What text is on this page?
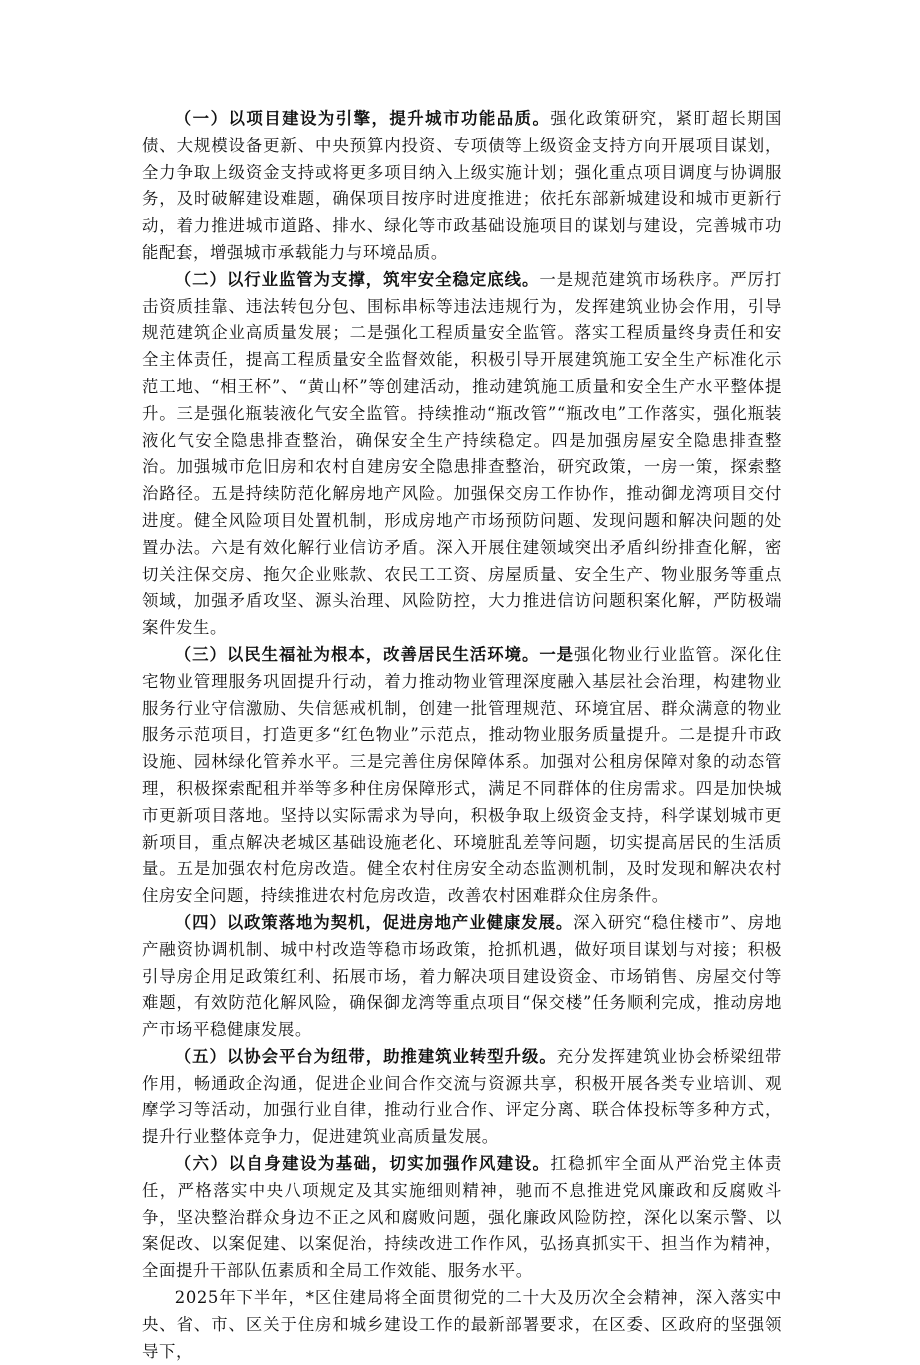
（一）以项目建设为引擎，提升城市功能品质。强化政策研究，紧盯超长期国债、大规模设备更新、中央预算内投资、专项债等上级资金支持方向开展项目谋划，全力争取上级资金支持或将更多项目纳入上级实施计划；强化重点项目调度与协调服务，及时破解建设难题，确保项目按序时进度推进；依托东部新城建设和城市更新行动，着力推进城市道路、排水、绿化等市政基础设施项目的谋划与建设，完善城市功能配套，增强城市承载能力与环境品质。

（二）以行业监管为支撑，筑牢安全稳定底线。一是规范建筑市场秩序。严厉打击资质挂靠、违法转包分包、围标串标等违法违规行为，发挥建筑业协会作用，引导规范建筑企业高质量发展；二是强化工程质量安全监管。落实工程质量终身责任和安全主体责任，提高工程质量安全监督效能，积极引导开展建筑施工安全生产标准化示范工地、“相王杯”、“黄山杯”等创建活动，推动建筑施工质量和安全生产水平整体提升。三是强化瓶装液化气安全监管。持续推动“瓶改管”“瓶改电”工作落实，强化瓶装液化气安全隐患排查整治，确保安全生产持续稳定。四是加强房屋安全隐患排查整治。加强城市危旧房和农村自建房安全隐患排查整治，研究政策，一房一策，探索整治路径。五是持续防范化解房地产风险。加强保交房工作协作，推动御龙湾项目交付进度。健全风险项目处置机制，形成房地产市场预防问题、发现问题和解决问题的处置办法。六是有效化解行业信访矛盾。深入开展住建领域突出矛盾纠纷排查化解，密切关注保交房、拖欠企业账款、农民工工资、房屋质量、安全生产、物业服务等重点领域，加强矛盾攻坚、源头治理、风险防控，大力推进信访问题积案化解，严防极端案件发生。

（三）以民生福祉为根本，改善居民生活环境。一是强化物业行业监管。深化住宅物业管理服务巩固提升行动，着力推动物业管理深度融入基层社会治理，构建物业服务行业守信激励、失信惩戒机制，创建一批管理规范、环境宜居、群众满意的物业服务示范项目，打造更多“红色物业”示范点，推动物业服务质量提升。二是提升市政设施、园林绿化管养水平。三是完善住房保障体系。加强对公租房保障对象的动态管理，积极探索配租并举等多种住房保障形式，满足不同群体的住房需求。四是加快城市更新项目落地。坚持以实际需求为导向，积极争取上级资金支持，科学谋划城市更新项目，重点解决老城区基础设施老化、环境脏乱差等问题，切实提高居民的生活质量。五是加强农村危房改造。健全农村住房安全动态监测机制，及时发现和解决农村住房安全问题，持续推进农村危房改造，改善农村困难群众住房条件。

（四）以政策落地为契机，促进房地产业健康发展。深入研究“稳住楼市”、房地产融资协调机制、城中村改造等稳市场政策，抢抓机遇，做好项目谋划与对接；积极引导房企用足政策红利、拓展市场，着力解决项目建设资金、市场销售、房屋交付等难题，有效防范化解风险，确保御龙湾等重点项目“保交楼”任务顺利完成，推动房地产市场平稳健康发展。

（五）以协会平台为纽带，助推建筑业转型升级。充分发挥建筑业协会桥梁纽带作用，畅通政企沟通，促进企业间合作交流与资源共享，积极开展各类专业培训、观摩学习等活动，加强行业自律，推动行业合作、评定分离、联合体投标等多种方式，提升行业整体竞争力，促进建筑业高质量发展。

（六）以自身建设为基础，切实加强作风建设。扛稳抓牢全面从严治党主体责任，严格落实中央八项规定及其实施细则精神，驰而不息推进党风廉政和反腐败斗争，坚决整治群众身边不正之风和腐败问题，强化廉政风险防控，深化以案示警、以案促改、以案促建、以案促治，持续改进工作作风，弘扬真抓实干、担当作为精神，全面提升干部队伍素质和全局工作效能、服务水平。

2025年下半年，*区住建局将全面贯彻党的二十大及历次全会精神，深入落实中央、省、市、区关于住房和城乡建设工作的最新部署要求，在区委、区政府的坚强领导下，
